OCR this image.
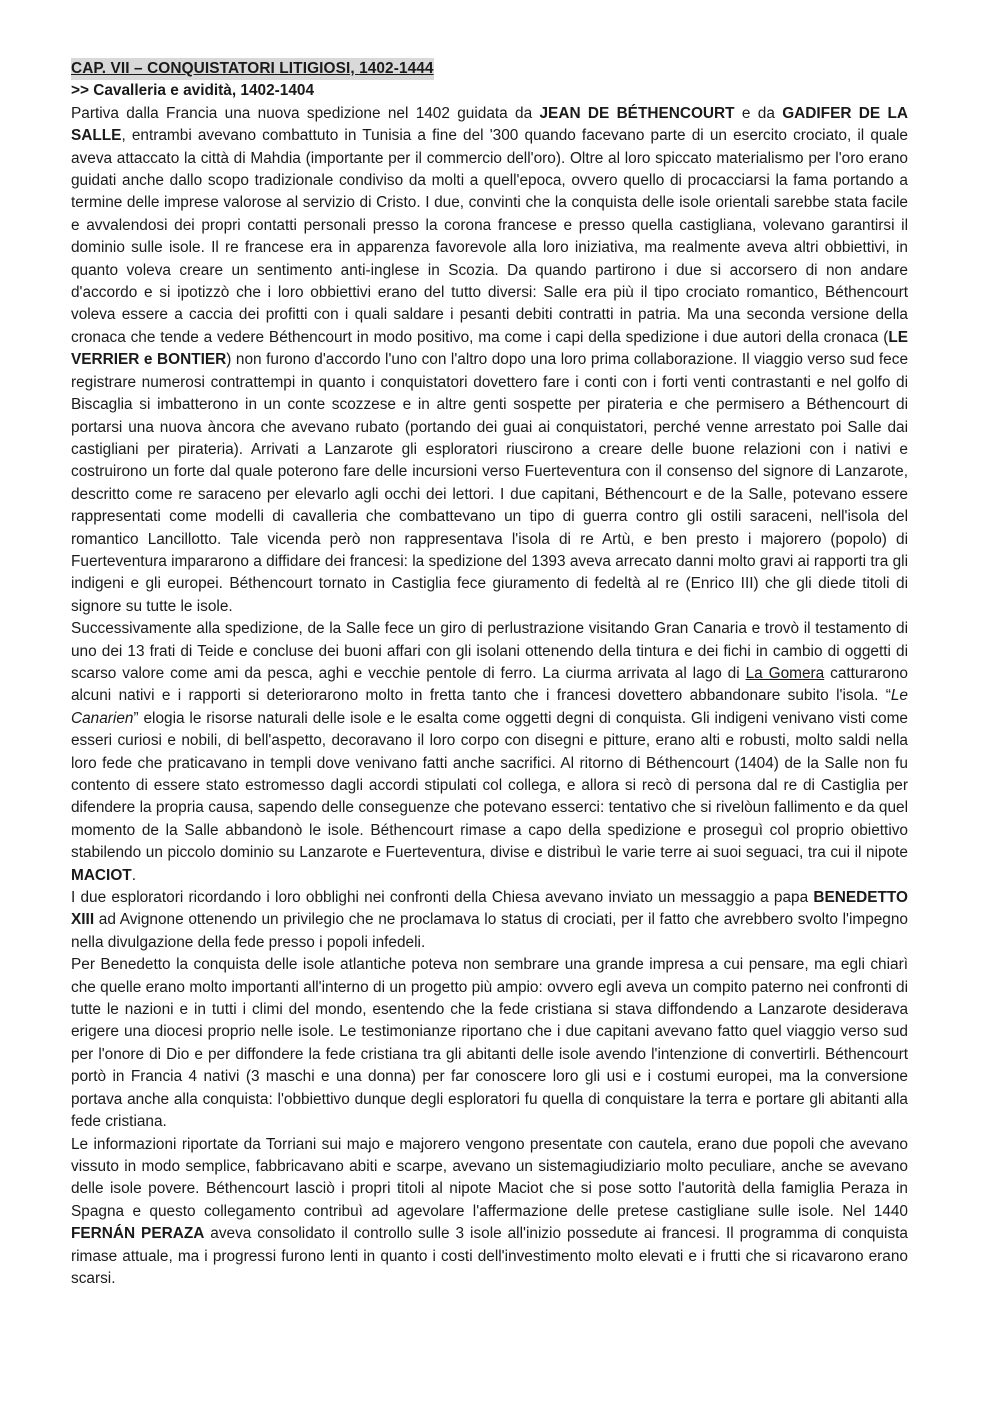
CAP. VII – CONQUISTATORI LITIGIOSI, 1402-1444
>> Cavalleria e avidità, 1402-1404

Partiva dalla Francia una nuova spedizione nel 1402 guidata da JEAN DE BÉTHENCOURT e da GADIFER DE LA SALLE, entrambi avevano combattuto in Tunisia a fine del '300 quando facevano parte di un esercito crociato, il quale aveva attaccato la città di Mahdia (importante per il commercio dell'oro). Oltre al loro spiccato materialismo per l'oro erano guidati anche dallo scopo tradizionale condiviso da molti a quell'epoca, ovvero quello di procacciarsi la fama portando a termine delle imprese valorose al servizio di Cristo. I due, convinti che la conquista delle isole orientali sarebbe stata facile e avvalendosi dei propri contatti personali presso la corona francese e presso quella castigliana, volevano garantirsi il dominio sulle isole. Il re francese era in apparenza favorevole alla loro iniziativa, ma realmente aveva altri obbiettivi, in quanto voleva creare un sentimento anti-inglese in Scozia. Da quando partirono i due si accorsero di non andare d'accordo e si ipotizzò che i loro obbiettivi erano del tutto diversi: Salle era più il tipo crociato romantico, Béthencourt voleva essere a caccia dei profitti con i quali saldare i pesanti debiti contratti in patria. Ma una seconda versione della cronaca che tende a vedere Béthencourt in modo positivo, ma come i capi della spedizione i due autori della cronaca (LE VERRIER e BONTIER) non furono d'accordo l'uno con l'altro dopo una loro prima collaborazione. Il viaggio verso sud fece registrare numerosi contrattempi in quanto i conquistatori dovettero fare i conti con i forti venti contrastanti e nel golfo di Biscaglia si imbatterono in un conte scozzese e in altre genti sospette per pirateria e che permisero a Béthencourt di portarsi una nuova àncora che avevano rubato (portando dei guai ai conquistatori, perché venne arrestato poi Salle dai castigliani per pirateria). Arrivati a Lanzarote gli esploratori riuscirono a creare delle buone relazioni con i nativi e costruirono un forte dal quale poterono fare delle incursioni verso Fuerteventura con il consenso del signore di Lanzarote, descritto come re saraceno per elevarlo agli occhi dei lettori. I due capitani, Béthencourt e de la Salle, potevano essere rappresentati come modelli di cavalleria che combattevano un tipo di guerra contro gli ostili saraceni, nell'isola del romantico Lancillotto. Tale vicenda però non rappresentava l'isola di re Artù, e ben presto i majorero (popolo) di Fuerteventura impararono a diffidare dei francesi: la spedizione del 1393 aveva arrecato danni molto gravi ai rapporti tra gli indigeni e gli europei. Béthencourt tornato in Castiglia fece giuramento di fedeltà al re (Enrico III) che gli diede titoli di signore su tutte le isole.

Successivamente alla spedizione, de la Salle fece un giro di perlustrazione visitando Gran Canaria e trovò il testamento di uno dei 13 frati di Teide e concluse dei buoni affari con gli isolani ottenendo della tintura e dei fichi in cambio di oggetti di scarso valore come ami da pesca, aghi e vecchie pentole di ferro. La ciurma arrivata al lago di La Gomera catturarono alcuni nativi e i rapporti si deteriorarono molto in fretta tanto che i francesi dovettero abbandonare subito l'isola. “Le Canarien” elogia le risorse naturali delle isole e le esalta come oggetti degni di conquista. Gli indigeni venivano visti come esseri curiosi e nobili, di bell'aspetto, decoravano il loro corpo con disegni e pitture, erano alti e robusti, molto saldi nella loro fede che praticavano in templi dove venivano fatti anche sacrifici. Al ritorno di Béthencourt (1404) de la Salle non fu contento di essere stato estromesso dagli accordi stipulati col collega, e allora si recò di persona dal re di Castiglia per difendere la propria causa, sapendo delle conseguenze che potevano esserci: tentativo che si rivelòun fallimento e da quel momento de la Salle abbandonò le isole. Béthencourt rimase a capo della spedizione e proseguì col proprio obiettivo stabilendo un piccolo dominio su Lanzarote e Fuerteventura, divise e distribuì le varie terre ai suoi seguaci, tra cui il nipote MACIOT.

I due esploratori ricordando i loro obblighi nei confronti della Chiesa avevano inviato un messaggio a papa BENEDETTO XIII ad Avignone ottenendo un privilegio che ne proclamava lo status di crociati, per il fatto che avrebbero svolto l'impegno nella divulgazione della fede presso i popoli infedeli.

Per Benedetto la conquista delle isole atlantiche poteva non sembrare una grande impresa a cui pensare, ma egli chiarì che quelle erano molto importanti all'interno di un progetto più ampio: ovvero egli aveva un compito paterno nei confronti di tutte le nazioni e in tutti i climi del mondo, esentendo che la fede cristiana si stava diffondendo a Lanzarote desiderava erigere una diocesi proprio nelle isole. Le testimonianze riportano che i due capitani avevano fatto quel viaggio verso sud per l'onore di Dio e per diffondere la fede cristiana tra gli abitanti delle isole avendo l'intenzione di convertirli. Béthencourt portò in Francia 4 nativi (3 maschi e una donna) per far conoscere loro gli usi e i costumi europei, ma la conversione portava anche alla conquista: l'obbiettivo dunque degli esploratori fu quella di conquistare la terra e portare gli abitanti alla fede cristiana.

Le informazioni riportate da Torriani sui majo e majorero vengono presentate con cautela, erano due popoli che avevano vissuto in modo semplice, fabbricavano abiti e scarpe, avevano un sistemagiudiziario molto peculiare, anche se avevano delle isole povere. Béthencourt lasciò i propri titoli al nipote Maciot che si pose sotto l'autorità della famiglia Peraza in Spagna e questo collegamento contribuì ad agevolare l'affermazione delle pretese castigliane sulle isole. Nel 1440 FERNÁN PERAZA aveva consolidato il controllo sulle 3 isole all'inizio possedute ai francesi. Il programma di conquista rimase attuale, ma i progressi furono lenti in quanto i costi dell'investimento molto elevati e i frutti che si ricavarono erano scarsi.
